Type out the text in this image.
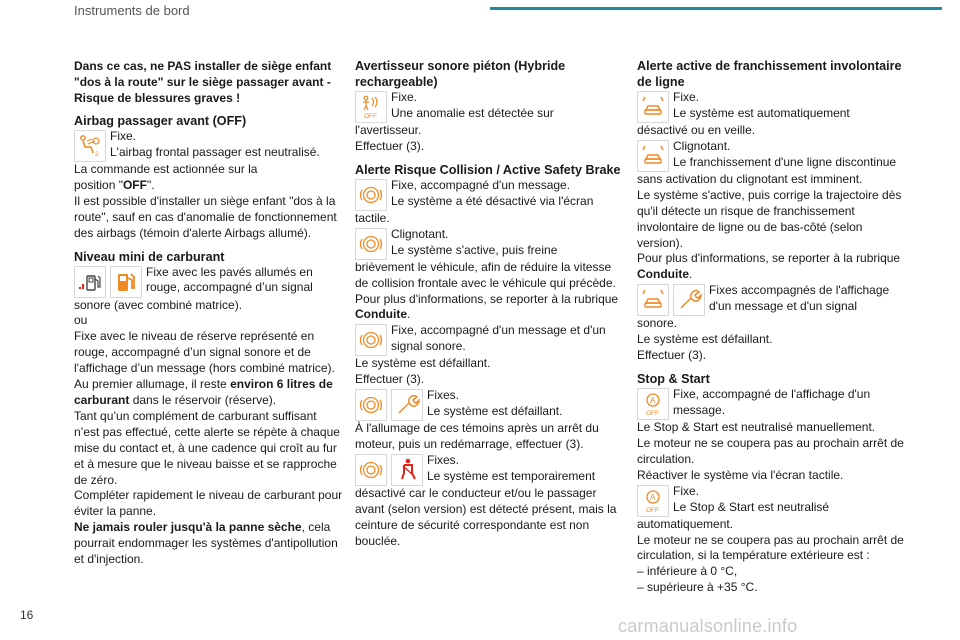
Instruments de bord

Dans ce cas, ne PAS installer de siège enfant "dos à la route" sur le siège passager avant - Risque de blessures graves !

Airbag passager avant (OFF)
2

Fixe.

L'airbag frontal passager est neutralisé.

La commande est actionnée sur la

position "OFF".

Il est possible d'installer un siège enfant "dos à la route", sauf en cas d'anomalie de fonctionnement des airbags (témoin d'alerte Airbags allumé).

Niveau mini de carburant

Fixe avec les pavés allumés en rouge, accompagné d’un signal

sonore (avec combiné matrice).

ou

Fixe avec le niveau de réserve représenté en rouge, accompagné d’un signal sonore et de l'affichage d’un message (hors combiné matrice).

Au premier allumage, il reste environ 6 litres de carburant dans le réservoir (réserve).

Tant qu’un complément de carburant suffisant n’est pas effectué, cette alerte se répète à chaque mise du contact et, à une cadence qui croît au fur et à mesure que le niveau baisse et se rapproche de zéro.

Compléter rapidement le niveau de carburant pour éviter la panne.

Ne jamais rouler jusqu'à la panne sèche, cela pourrait endommager les systèmes d'antipollution et d'injection.

Avertisseur sonore piéton (Hybride rechargeable)
OFF

Fixe.

Une anomalie est détectée sur

l'avertisseur.

Effectuer (3).

Alerte Risque Collision / Active Safety Brake

Fixe, accompagné d'un message.

Le système a été désactivé via l'écran

tactile.

Clignotant.

Le système s'active, puis freine

brièvement le véhicule, afin de réduire la vitesse de collision frontale avec le véhicule qui précède.

Pour plus d'informations, se reporter à la rubrique Conduite.

Fixe, accompagné d'un message et d'un signal sonore.

Le système est défaillant.

Effectuer (3).

Fixes.

Le système est défaillant.

À l'allumage de ces témoins après un arrêt du moteur, puis un redémarrage, effectuer (3).

Fixes.

Le système est temporairement

désactivé car le conducteur et/ou le passager avant (selon version) est détecté présent, mais la ceinture de sécurité correspondante est non bouclée.

Alerte active de franchissement involontaire de ligne

Fixe.

Le système est automatiquement

désactivé ou en veille.

Clignotant.

Le franchissement d'une ligne discontinue

sans activation du clignotant est imminent.

Le système s'active, puis corrige la trajectoire dès qu'il détecte un risque de franchissement involontaire de ligne ou de bas-côté (selon version).

Pour plus d'informations, se reporter à la rubrique Conduite.

Fixes accompagnés de l'affichage d'un message et d'un signal

sonore.

Le système est défaillant.

Effectuer (3).

Stop & Start
A
OFF

Fixe, accompagné de l'affichage d'un message.

Le Stop & Start est neutralisé manuellement.

Le moteur ne se coupera pas au prochain arrêt de circulation.

Réactiver le système via l'écran tactile.

A
OFF

Fixe.

Le Stop & Start est neutralisé

automatiquement.

Le moteur ne se coupera pas au prochain arrêt de circulation, si la température extérieure est :

– inférieure à 0 °C,

– supérieure à +35 °C.

16
carmanualsonline.info
